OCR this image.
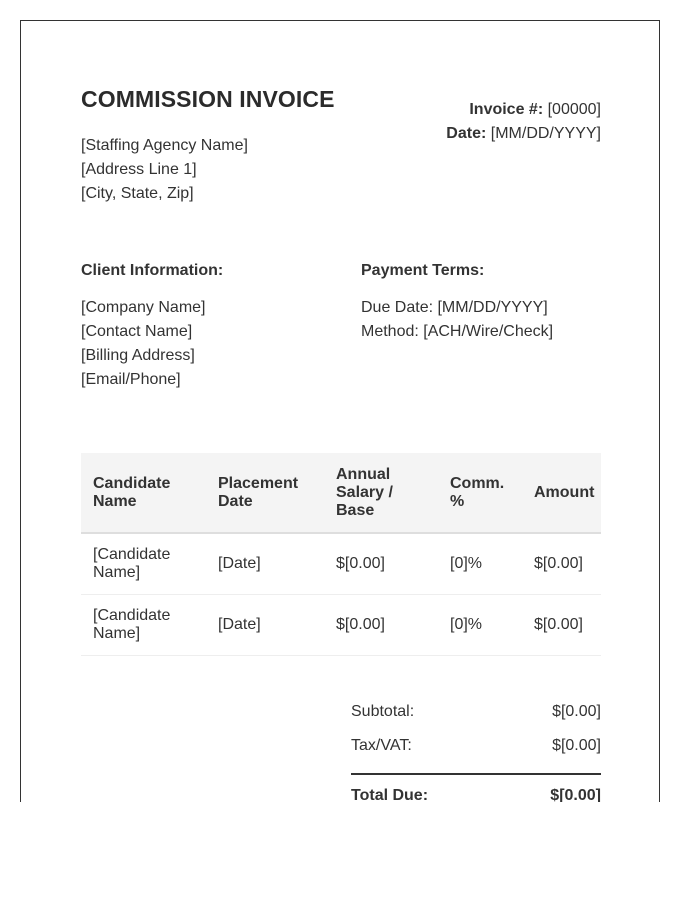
COMMISSION INVOICE
[Staffing Agency Name]
[Address Line 1]
[City, State, Zip]
Invoice #: [00000]
Date: [MM/DD/YYYY]
Client Information:
[Company Name]
[Contact Name]
[Billing Address]
[Email/Phone]
Payment Terms:
Due Date: [MM/DD/YYYY]
Method: [ACH/Wire/Check]
Candidate Name	Placement Date	Annual Salary / Base	Comm. %	Amount
[Candidate Name]	[Date]	$[0.00]	[0]%	$[0.00]
[Candidate Name]	[Date]	$[0.00]	[0]%	$[0.00]
Subtotal:	$[0.00]
Tax/VAT:	$[0.00]
Total Due:	$[0.00]
